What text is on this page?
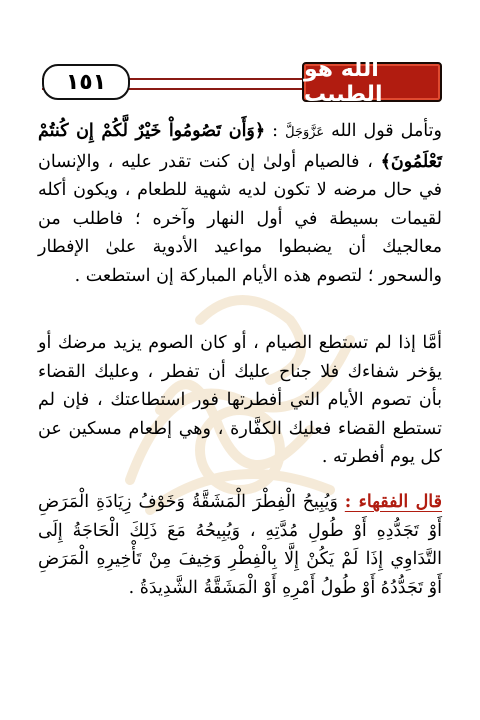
١٥١	الله هو الطبيب
وتأمل قول الله عَزَّوَجَلَّ : ﴿وَأَن تَصُومُواْ خَيْرٌ لَّكُمْ إِن كُنتُمْ تَعْلَمُونَ﴾ ، فالصيام أولىٰ إن كنت تقدر عليه ، والإنسان في حال مرضه لا تكون لديه شهية للطعام ، ويكون أكله لقيمات بسيطة في أول النهار وآخره ؛ فاطلب من معالجيك أن يضبطوا مواعيد الأدوية علىٰ الإفطار والسحور ؛ لتصوم هذه الأيام المباركة إن استطعت .
أمَّا إذا لم تستطع الصيام ، أو كان الصوم يزيد مرضك أو يؤخر شفاءك فلا جناح عليك أن تفطر ، وعليك القضاء بأن تصوم الأيام التي أفطرتها فور استطاعتك ، فإن لم تستطع القضاء فعليك الكفَّارة ، وهي إطعام مسكين عن كل يوم أفطرته .
قال الفقهاء : وَيُبِيحُ الْفِطْرَ الْمَشَقَّةُ وَخَوْفُ زِيَادَةِ الْمَرَضِ أَوْ تَجَدُّدِهِ أَوْ طُولِ مُدَّتِهِ ، وَيُبِيحُهُ مَعَ ذَلِكَ الْحَاجَةُ إِلَى التَّدَاوِي إِذَا لَمْ يَكُنْ إِلَّا بِالْفِطْرِ وَخِيفَ مِنْ تَأْخِيرِهِ الْمَرَضِ أَوْ تَجَدُّدُهُ أَوْ طُولُ أَمْرِهِ أَوْ الْمَشَقَّةُ الشَّدِيدَةُ .
